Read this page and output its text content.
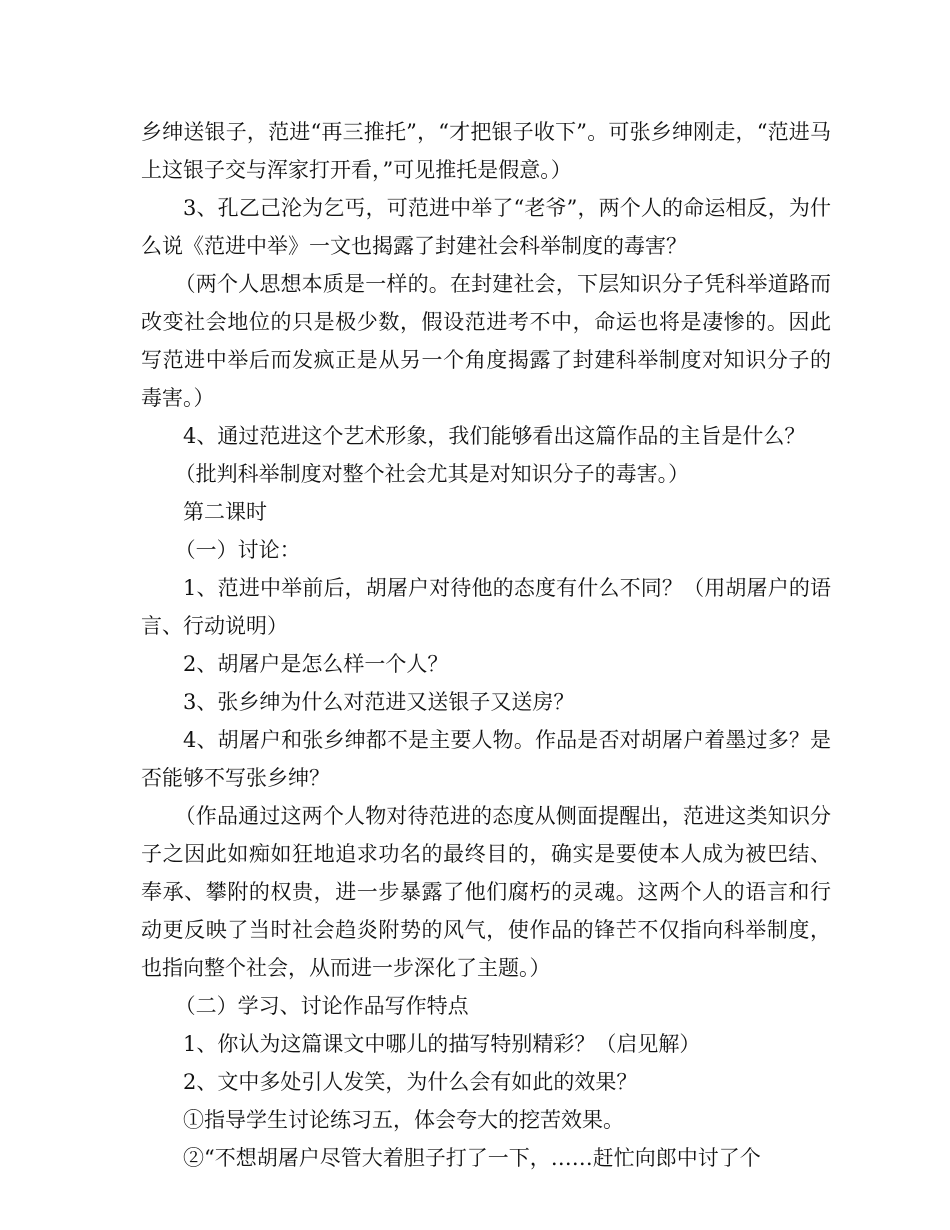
乡绅送银子，范进“再三推托”，“才把银子收下”。可张乡绅刚走，“范进马上这银子交与浑家打开看，”可见推托是假意。）

3、孔乙己沦为乞丐，可范进中举了“老爷”，两个人的命运相反，为什么说《范进中举》一文也揭露了封建社会科举制度的毒害？

（两个人思想本质是一样的。在封建社会，下层知识分子凭科举道路而改变社会地位的只是极少数，假设范进考不中，命运也将是凄惨的。因此写范进中举后而发疯正是从另一个角度揭露了封建科举制度对知识分子的毒害。）

4、通过范进这个艺术形象，我们能够看出这篇作品的主旨是什么？

（批判科举制度对整个社会尤其是对知识分子的毒害。）

第二课时

（一）讨论：

1、范进中举前后，胡屠户对待他的态度有什么不同？（用胡屠户的语言、行动说明）

2、胡屠户是怎么样一个人？

3、张乡绅为什么对范进又送银子又送房？

4、胡屠户和张乡绅都不是主要人物。作品是否对胡屠户着墨过多？是否能够不写张乡绅？

（作品通过这两个人物对待范进的态度从侧面提醒出，范进这类知识分子之因此如痴如狂地追求功名的最终目的，确实是要使本人成为被巴结、奉承、攀附的权贵，进一步暴露了他们腐朽的灵魂。这两个人的语言和行动更反映了当时社会趋炎附势的风气，使作品的锋芒不仅指向科举制度，也指向整个社会，从而进一步深化了主题。）

（二）学习、讨论作品写作特点

1、你认为这篇课文中哪儿的描写特别精彩？（启见解）

2、文中多处引人发笑，为什么会有如此的效果？

①指导学生讨论练习五，体会夸大的挖苦效果。

②“不想胡屠户尽管大着胆子打了一下，……赶忙向郎中讨了个
